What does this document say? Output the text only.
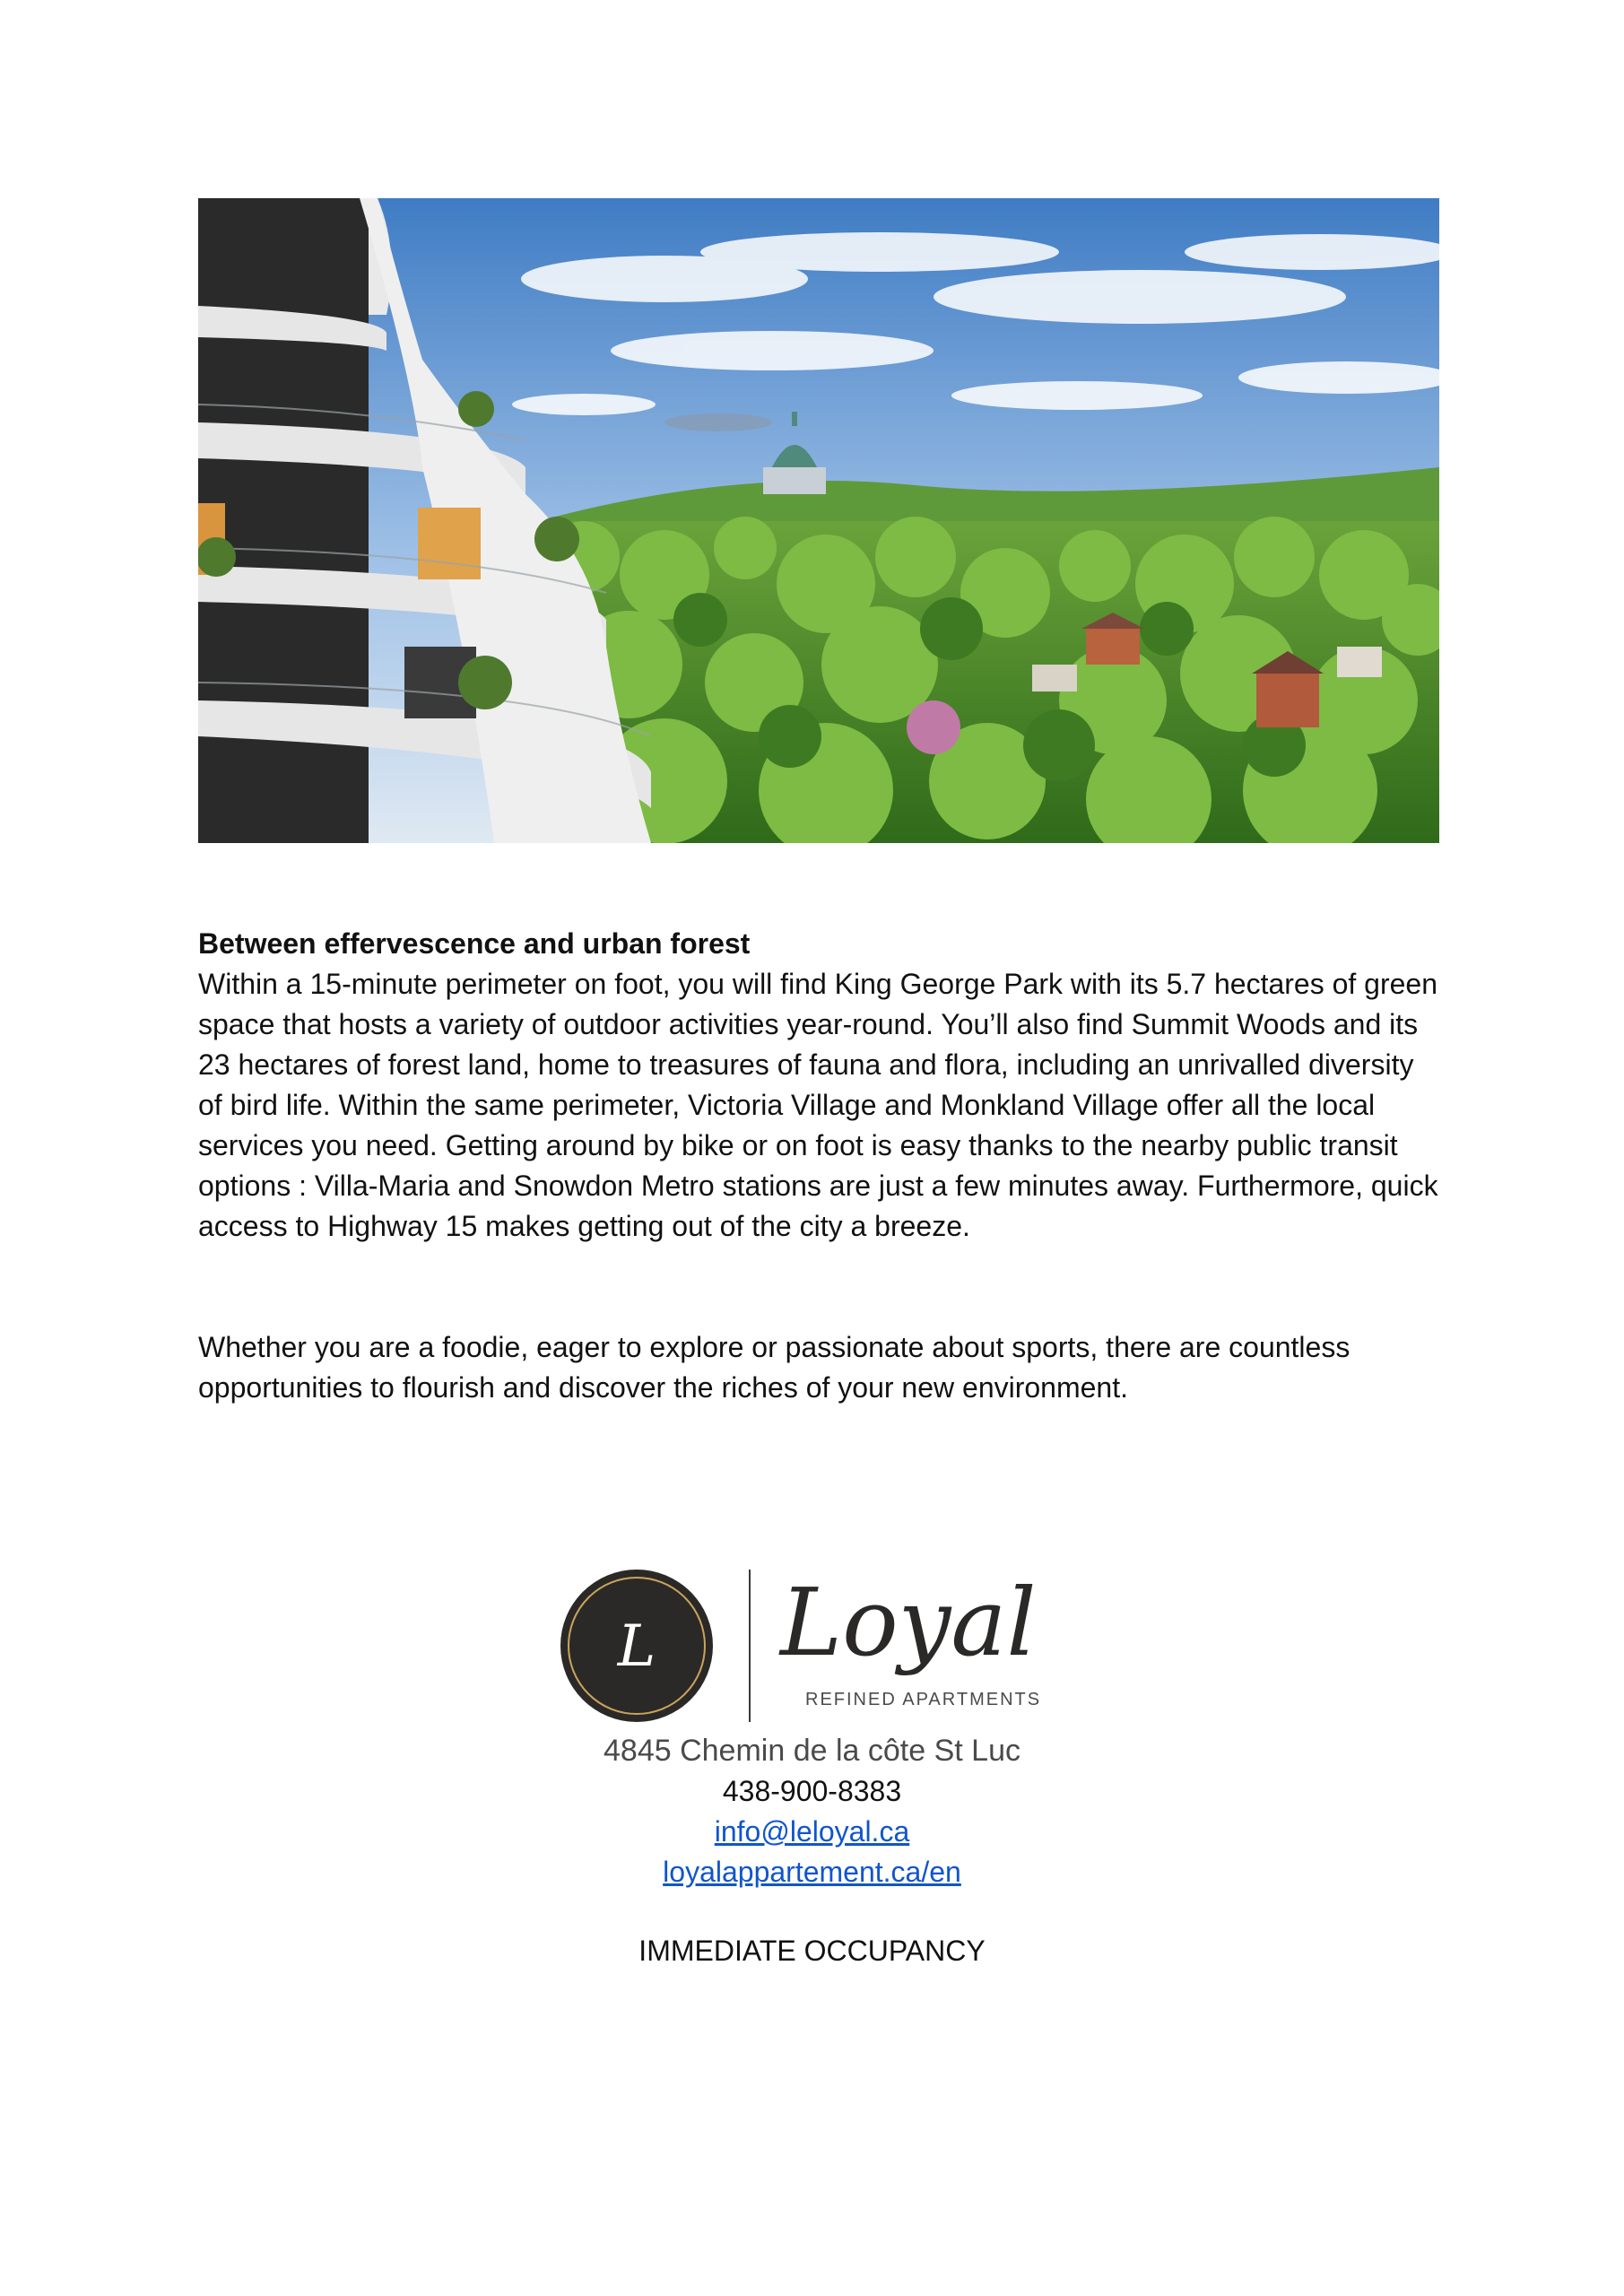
Between effervescence and urban forest

Within a 15-minute perimeter on foot, you will find King George Park with its 5.7 hectares of green space that hosts a variety of outdoor activities year-round. You’ll also find Summit Woods and its 23 hectares of forest land, home to treasures of fauna and flora, including an unrivalled diversity of bird life. Within the same perimeter, Victoria Village and Monkland Village offer all the local services you need. Getting around by bike or on foot is easy thanks to the nearby public transit options : Villa-Maria and Snowdon Metro stations are just a few minutes away. Furthermore, quick access to Highway 15 makes getting out of the city a breeze.

Whether you are a foodie, eager to explore or passionate about sports, there are countless opportunities to flourish and discover the riches of your new environment.

L Loyal
REFINED APARTMENTS
4845 Chemin de la côte St Luc
438-900-8383
info@leloyal.ca
loyalappartement.ca/en
IMMEDIATE OCCUPANCY
